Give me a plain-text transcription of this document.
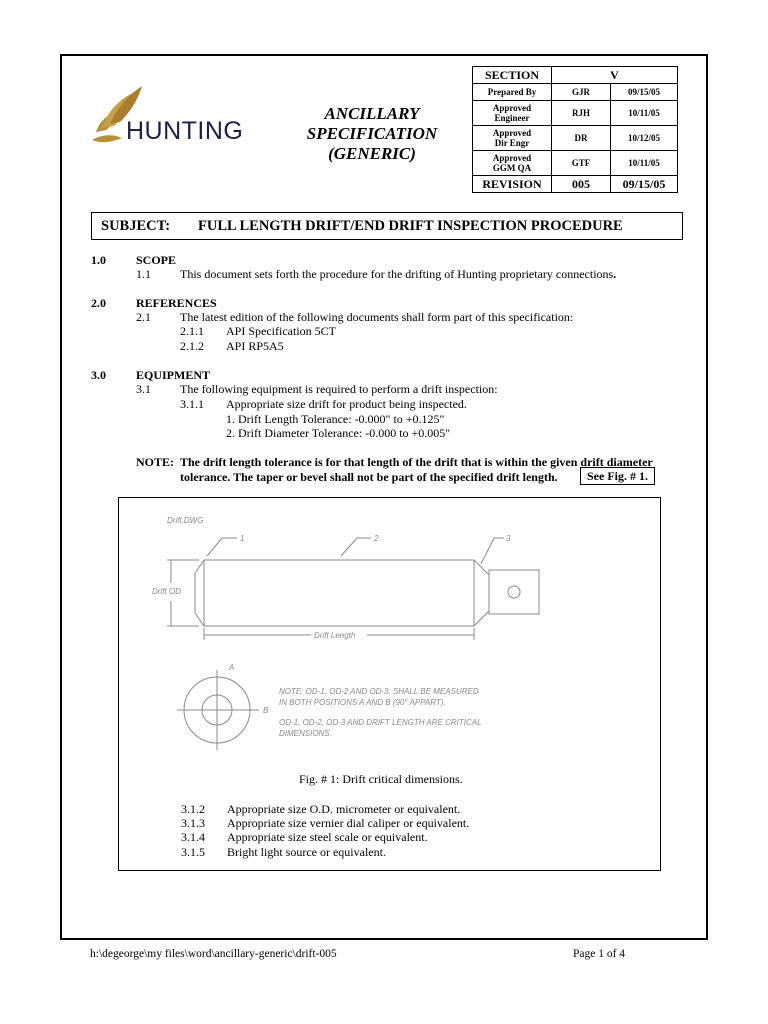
HUNTING
ANCILLARY
SPECIFICATION
(GENERIC)
SECTION	V	
Prepared By	GJR	09/15/05

Approved
Engineer	RJH	10/11/05

Approved
Dir Engr	DR	10/12/05

Approved
GGM QA	GTF	10/11/05
REVISION	005	09/15/05
SUBJECT: FULL LENGTH DRIFT/END DRIFT INSPECTION PROCEDURE
1.0	SCOPE
1.1 This document sets forth the procedure for the drifting of Hunting proprietary connections.
2.0	REFERENCES
2.1 The latest edition of the following documents shall form part of this specification:
2.1.1 API Specification 5CT
2.1.2 API RP5A5
3.0	EQUIPMENT
3.1 The following equipment is required to perform a drift inspection:
3.1.1 Appropriate size drift for product being inspected.
1. Drift Length Tolerance: -0.000" to +0.125"
2. Drift Diameter Tolerance: -0.000 to +0.005"
NOTE: The drift length tolerance is for that length of the drift that is within the given drift diameter
tolerance. The taper or bevel shall not be part of the specified drift length.	See Fig. # 1.
Drift.DWG
1	2	3
Drift OD
Drift Length
A
B
NOTE: OD-1, OD-2 AND OD-3, SHALL BE MEASURED
IN BOTH POSITIONS A AND B (90° APPART).
OD-1, OD-2, OD-3 AND DRIFT LENGTH ARE CRITICAL
DIMENSIONS.
Fig. # 1: Drift critical dimensions.
3.1.2 Appropriate size O.D. micrometer or equivalent.
3.1.3 Appropriate size vernier dial caliper or equivalent.
3.1.4 Appropriate size steel scale or equivalent.
3.1.5 Bright light source or equivalent.
h:\degeorge\my files\word\ancillary-generic\drift-005	Page 1 of 4
